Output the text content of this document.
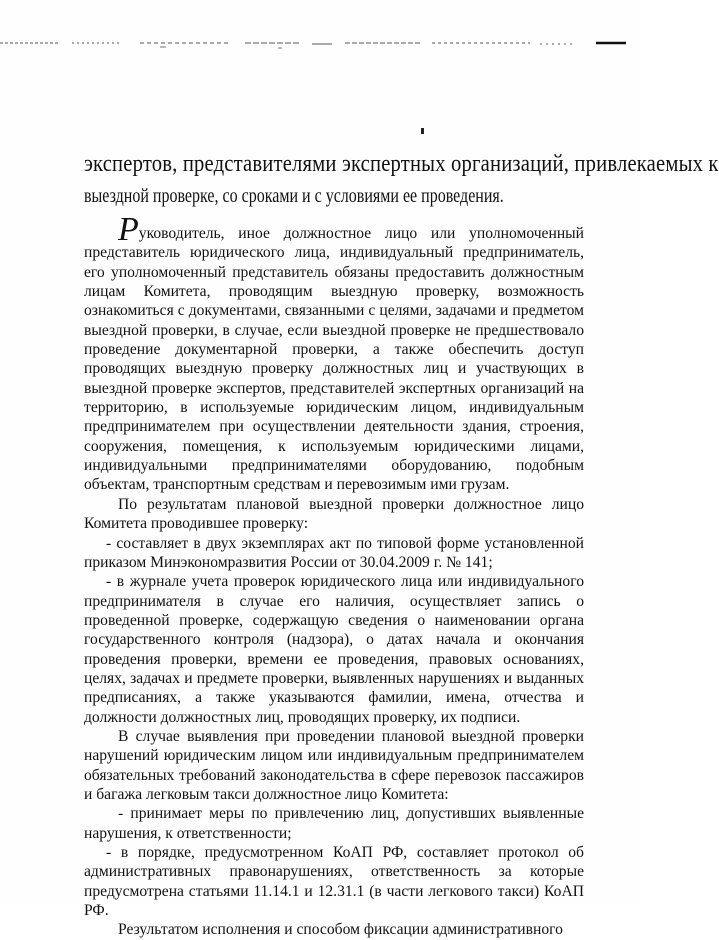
экспертов, представителями экспертных организаций, привлекаемых к
выездной проверке, со сроками и с условиями ее проведения.

Руководитель, иное должностное лицо или уполномоченный представитель юридического лица, индивидуальный предприниматель, его уполномоченный представитель обязаны предоставить должностным лицам Комитета, проводящим выездную проверку, возможность ознакомиться с документами, связанными с целями, задачами и предметом выездной проверки, в случае, если выездной проверке не предшествовало проведение документарной проверки, а также обеспечить доступ проводящих выездную проверку должностных лиц и участвующих в выездной проверке экспертов, представителей экспертных организаций на территорию, в используемые юридическим лицом, индивидуальным предпринимателем при осуществлении деятельности здания, строения, сооружения, помещения, к используемым юридическими лицами, индивидуальными предпринимателями оборудованию, подобным объектам, транспортным средствам и перевозимым ими грузам.

По результатам плановой выездной проверки должностное лицо Комитета проводившее проверку:

- составляет в двух экземплярах акт по типовой форме установленной приказом Минэкономразвития России от 30.04.2009 г. № 141;

- в журнале учета проверок юридического лица или индивидуального предпринимателя в случае его наличия, осуществляет запись о проведенной проверке, содержащую сведения о наименовании органа государственного контроля (надзора), о датах начала и окончания проведения проверки, времени ее проведения, правовых основаниях, целях, задачах и предмете проверки, выявленных нарушениях и выданных предписаниях, а также указываются фамилии, имена, отчества и должности должностных лиц, проводящих проверку, их подписи.

В случае выявления при проведении плановой выездной проверки нарушений юридическим лицом или индивидуальным предпринимателем обязательных требований законодательства в сфере перевозок пассажиров и багажа легковым такси должностное лицо Комитета:

- принимает меры по привлечению лиц, допустивших выявленные нарушения, к ответственности;

- в порядке, предусмотренном КоАП РФ, составляет протокол об административных правонарушениях, ответственность за которые предусмотрена статьями 11.14.1 и 12.31.1 (в части легкового такси) КоАП РФ.

Результатом исполнения и способом фиксации административного
